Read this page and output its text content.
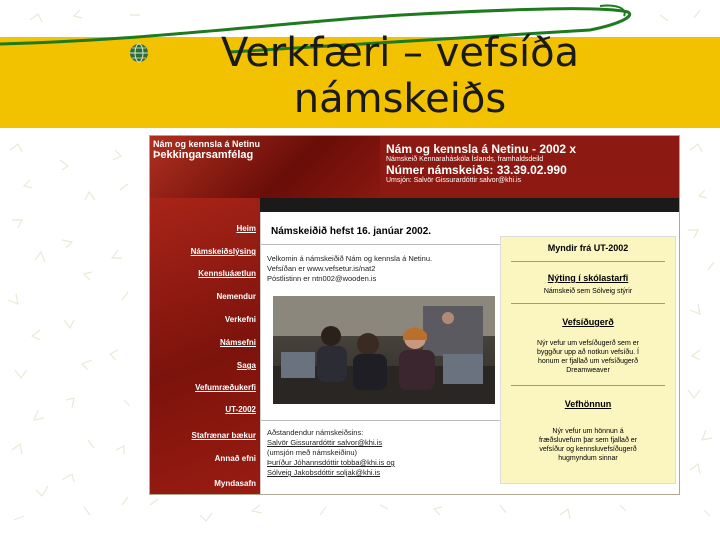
Verkfæri – vefsíða
námskeiðs
Nám og kennsla á Netinu
Þekkingarsamfélag	Nám og kennsla á Netinu - 2002 x
Námskeið Kennaraháskóla Íslands, framhaldsdeild
Númer námskeiðs: 33.39.02.990
Umsjón: Salvör Gissurardóttir salvor@khi.is
Heim
Námskeiðslýsing
Kennsluáætlun
Nemendur
Verkefni
Námsefni
Saga
Vefumræðukerfi
UT-2002
Stafrænar bækur
Annað efni
Myndasafn
Námskeiðið hefst 16. janúar 2002.
Velkomin á námskeiðið Nám og kennsla á Netinu.
Vefsíðan er www.vefsetur.is/nat2
Póstlistinn er ntn002@wooden.is
Aðstandendur námskeiðsins:
Salvör Gissurardóttir salvor@khi.is
(umsjón með námskeiðinu)
Þuríður Jóhannsdóttir tobba@khi.is og
Sólveig Jakobsdóttir soljak@khi.is
Myndir frá UT-2002
Nýting í skólastarfi
Námskeið sem Sólveig stýrir
Vefsíðugerð
Nýr vefur um vefsíðugerð sem er
byggður upp að notkun vefsíðu. Í
honum er fjallað um vefsíðugerð
Dreamweaver
Vefhönnun
Nýr vefur um hönnun á
fræðsluvefum þar sem fjallað er
vefsíður og kennsluvefsíðugerð
hugmyndum sinnar
